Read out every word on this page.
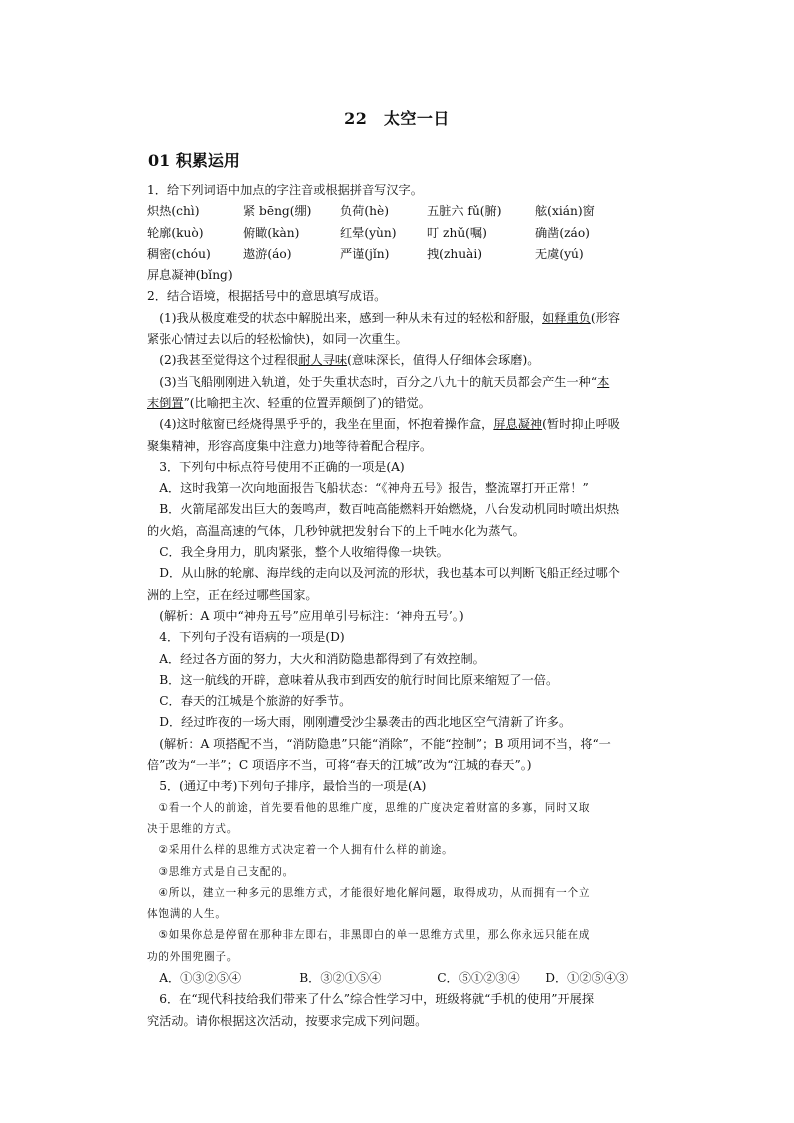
22　太空一日
01 积累运用
1．给下列词语中加点的字注音或根据拼音写汉字。
炽热(chì)	紧 bēng(绷)	负荷(hè)	五脏六 fǔ(腑)	舷(xián)窗
轮廓(kuò)	俯瞰(kàn)	红晕(yùn)	叮 zhǔ(嘱)	确凿(záo)
稠密(chóu)	遨游(áo)	严谨(jǐn)	拽(zhuài)	无虞(yú)
屏息凝神(bǐng)
2．结合语境，根据括号中的意思填写成语。
　(1)我从极度难受的状态中解脱出来，感到一种从未有过的轻松和舒服，如释重负(形容
紧张心情过去以后的轻松愉快)，如同一次重生。
　(2)我甚至觉得这个过程很耐人寻味(意味深长，值得人仔细体会琢磨)。
　(3)当飞船刚刚进入轨道，处于失重状态时，百分之八九十的航天员都会产生一种“本
末倒置”(比喻把主次、轻重的位置弄颠倒了)的错觉。
　(4)这时舷窗已经烧得黑乎乎的，我坐在里面，怀抱着操作盒，屏息凝神(暂时抑止呼吸
聚集精神，形容高度集中注意力)地等待着配合程序。
　3．下列句中标点符号使用不正确的一项是(A)
　A．这时我第一次向地面报告飞船状态：“《神舟五号》报告，整流罩打开正常！”
　B．火箭尾部发出巨大的轰鸣声，数百吨高能燃料开始燃烧，八台发动机同时喷出炽热
的火焰，高温高速的气体，几秒钟就把发射台下的上千吨水化为蒸气。
　C．我全身用力，肌肉紧张，整个人收缩得像一块铁。
　D．从山脉的轮廓、海岸线的走向以及河流的形状，我也基本可以判断飞船正经过哪个
洲的上空，正在经过哪些国家。
　(解析：A 项中“神舟五号”应用单引号标注：‘神舟五号’。)
　4．下列句子没有语病的一项是(D)
　A．经过各方面的努力，大火和消防隐患都得到了有效控制。
　B．这一航线的开辟，意味着从我市到西安的航行时间比原来缩短了一倍。
　C．春天的江城是个旅游的好季节。
　D．经过昨夜的一场大雨，刚刚遭受沙尘暴袭击的西北地区空气清新了许多。
　(解析：A 项搭配不当，“消防隐患”只能“消除”，不能“控制”；B 项用词不当，将“一
倍”改为“一半”；C 项语序不当，可将“春天的江城”改为“江城的春天”。)
　5．(通辽中考)下列句子排序，最恰当的一项是(A)
　①看一个人的前途，首先要看他的思维广度，思维的广度决定着财富的多寡，同时又取
决于思维的方式。
　②采用什么样的思维方式决定着一个人拥有什么样的前途。
　③思维方式是自己支配的。
　④所以，建立一种多元的思维方式，才能很好地化解问题，取得成功，从而拥有一个立
体饱满的人生。
　⑤如果你总是停留在那种非左即右，非黑即白的单一思维方式里，那么你永远只能在成
功的外围兜圈子。
　A．①③②⑤④	B．③②①⑤④	C．⑤①②③④ D．①②⑤④③
　6．在“现代科技给我们带来了什么”综合性学习中，班级将就“手机的使用”开展探
究活动。请你根据这次活动，按要求完成下列问题。
